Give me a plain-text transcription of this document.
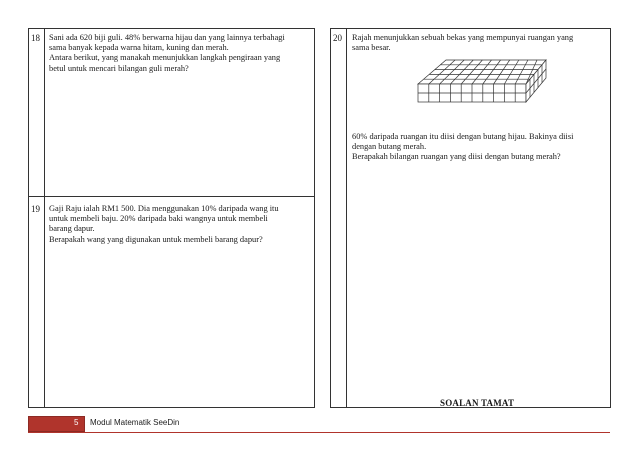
18 Sani ada 620 biji guli. 48% berwarna hijau dan yang lainnya terbahagi

sama banyak kepada warna hitam, kuning dan merah.

Antara berikut, yang manakah menunjukkan langkah pengiraan yang

betul untuk mencari bilangan guli merah?

19 Gaji Raju ialah RM1 500. Dia menggunakan 10% daripada wang itu

untuk membeli baju. 20% daripada baki wangnya untuk membeli

barang dapur.

Berapakah wang yang digunakan untuk membeli barang dapur?

20 Rajah menunjukkan sebuah bekas yang mempunyai ruangan yang

sama besar.

60% daripada ruangan itu diisi dengan butang hijau. Bakinya diisi

dengan butang merah.

Berapakah bilangan ruangan yang diisi dengan butang merah?

SOALAN TAMAT
5 Modul Matematik SeeDin
